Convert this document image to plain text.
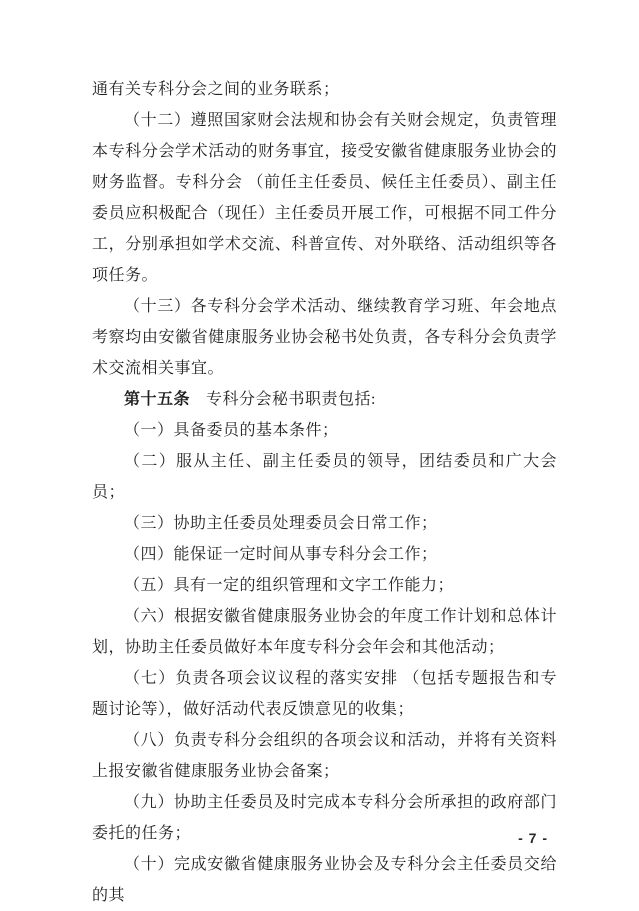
通有关专科分会之间的业务联系；

（十二）遵照国家财会法规和协会有关财会规定，负责管理本专科分会学术活动的财务事宜，接受安徽省健康服务业协会的财务监督。专科分会 （前任主任委员、候任主任委员）、副主任委员应积极配合（现任）主任委员开展工作，可根据不同工件分工，分别承担如学术交流、科普宣传、对外联络、活动组织等各项任务。

（十三）各专科分会学术活动、继续教育学习班、年会地点考察均由安徽省健康服务业协会秘书处负责，各专科分会负责学术交流相关事宜。

第十五条 专科分会秘书职责包括:

（一）具备委员的基本条件；

（二）服从主任、副主任委员的领导，团结委员和广大会员；

（三）协助主任委员处理委员会日常工作；

（四）能保证一定时间从事专科分会工作；

（五）具有一定的组织管理和文字工作能力；

（六）根据安徽省健康服务业协会的年度工作计划和总体计划，协助主任委员做好本年度专科分会年会和其他活动；

（七）负责各项会议议程的落实安排 （包括专题报告和专题讨论等），做好活动代表反馈意见的收集；

（八）负责专科分会组织的各项会议和活动，并将有关资料上报安徽省健康服务业协会备案；

（九）协助主任委员及时完成本专科分会所承担的政府部门委托的任务；

（十）完成安徽省健康服务业协会及专科分会主任委员交给的其

- 7 -
